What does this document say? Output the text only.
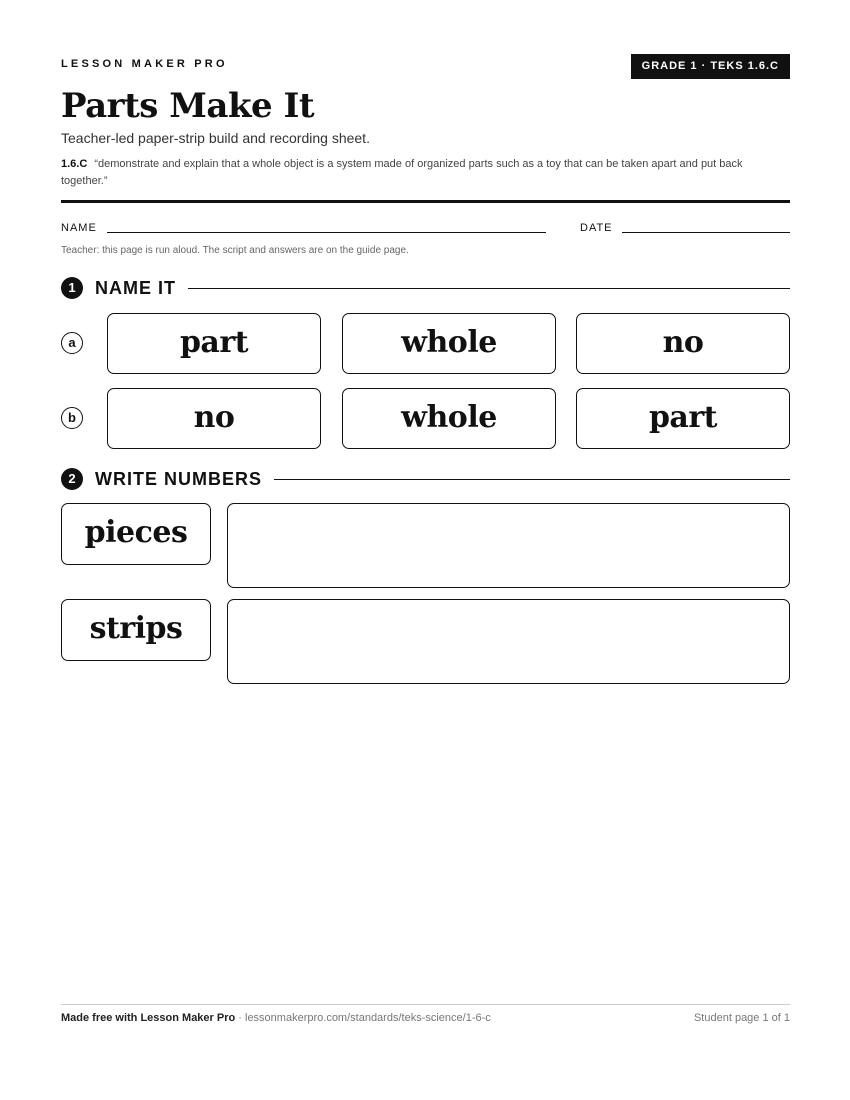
LESSON MAKER PRO	GRADE 1 · TEKS 1.6.C
Parts Make It
Teacher-led paper-strip build and recording sheet.
1.6.C “demonstrate and explain that a whole object is a system made of organized parts such as a toy that can be taken apart and put back together.”
NAME	DATE
Teacher: this page is run aloud. The script and answers are on the guide page.
1	NAME IT
a	part	whole	no
b	no	whole	part
2	WRITE NUMBERS
pieces
strips
Made free with Lesson Maker Pro · lessonmakerpro.com/standards/teks-science/1-6-c	Student page 1 of 1
